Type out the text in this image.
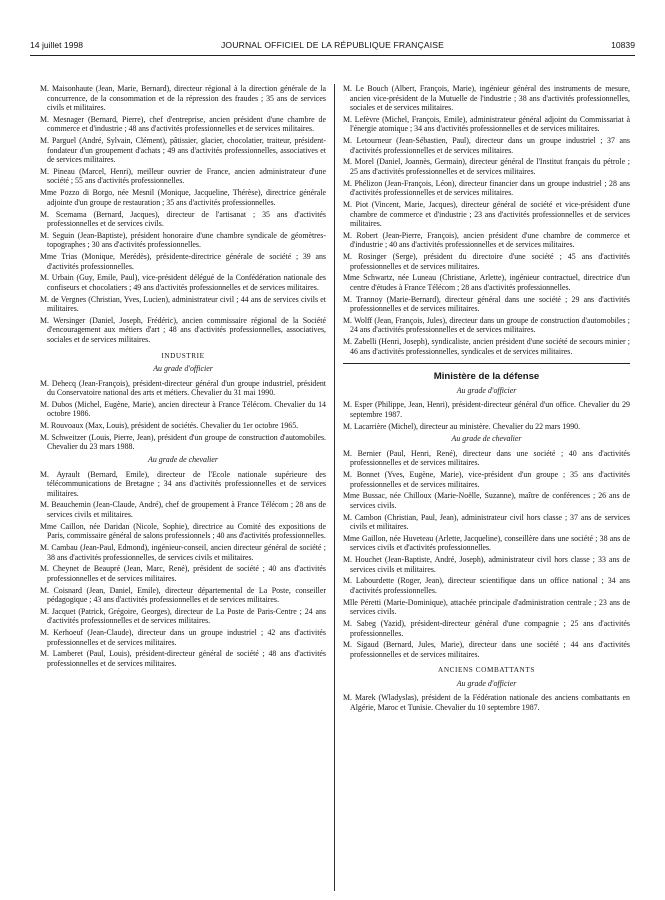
14 juillet 1998	JOURNAL OFFICIEL DE LA RÉPUBLIQUE FRANÇAISE	10839

M. Maisonhaute (Jean, Marie, Bernard), directeur régional à la direction générale de la concurrence, de la consommation et de la répression des fraudes ; 35 ans de services civils et militaires.

M. Mesnager (Bernard, Pierre), chef d'entreprise, ancien président d'une chambre de commerce et d'industrie ; 48 ans d'activités professionnelles et de services militaires.

M. Parguel (André, Sylvain, Clément), pâtissier, glacier, chocolatier, traiteur, président-fondateur d'un groupement d'achats ; 49 ans d'activités professionnelles, associatives et de services militaires.

M. Pineau (Marcel, Henri), meilleur ouvrier de France, ancien administrateur d'une société ; 55 ans d'activités professionnelles.

Mme Pozzo di Borgo, née Mesnil (Monique, Jacqueline, Thérèse), directrice générale adjointe d'un groupe de restauration ; 35 ans d'activités professionnelles.

M. Scemama (Bernard, Jacques), directeur de l'artisanat ; 35 ans d'activités professionnelles et de services civils.

M. Seguin (Jean-Baptiste), président honoraire d'une chambre syndicale de géomètres-topographes ; 30 ans d'activités professionnelles.

Mme Trias (Monique, Merédès), présidente-directrice générale de société ; 39 ans d'activités professionnelles.

M. Urbain (Guy, Emile, Paul), vice-président délégué de la Confédération nationale des confiseurs et chocolatiers ; 49 ans d'activités professionnelles et de services militaires.

M. de Vergnes (Christian, Yves, Lucien), administrateur civil ; 44 ans de services civils et militaires.

M. Wersinger (Daniel, Joseph, Frédéric), ancien commissaire régional de la Société d'encouragement aux métiers d'art ; 48 ans d'activités professionnelles, associatives, sociales et de services militaires.

INDUSTRIE
Au grade d'officier

M. Dehecq (Jean-François), président-directeur général d'un groupe industriel, président du Conservatoire national des arts et métiers. Chevalier du 31 mai 1990.

M. Dubos (Michel, Eugène, Marie), ancien directeur à France Télécom. Chevalier du 14 octobre 1986.

M. Rouvoaux (Max, Louis), président de sociétés. Chevalier du 1er octobre 1965.

M. Schweitzer (Louis, Pierre, Jean), président d'un groupe de construction d'automobiles. Chevalier du 23 mars 1988.

Au grade de chevalier

M. Ayrault (Bernard, Emile), directeur de l'Ecole nationale supérieure des télécommunications de Bretagne ; 34 ans d'activités professionnelles et de services militaires.

M. Beauchemin (Jean-Claude, André), chef de groupement à France Télécom ; 28 ans de services civils et militaires.

Mme Caillon, née Daridan (Nicole, Sophie), directrice au Comité des expositions de Paris, commissaire général de salons professionnels ; 40 ans d'activités professionnelles.

M. Cambau (Jean-Paul, Edmond), ingénieur-conseil, ancien directeur général de société ; 38 ans d'activités professionnelles, de services civils et militaires.

M. Cheynet de Beaupré (Jean, Marc, René), président de société ; 40 ans d'activités professionnelles et de services militaires.

M. Coisnard (Jean, Daniel, Emile), directeur départemental de La Poste, conseiller pédagogique ; 43 ans d'activités professionnelles et de services militaires.

M. Jacquet (Patrick, Grégoire, Georges), directeur de La Poste de Paris-Centre ; 24 ans d'activités professionnelles et de services militaires.

M. Kerhoeuf (Jean-Claude), directeur dans un groupe industriel ; 42 ans d'activités professionnelles et de services militaires.

M. Lamberet (Paul, Louis), président-directeur général de société ; 48 ans d'activités professionnelles et de services militaires.

M. Le Bouch (Albert, François, Marie), ingénieur général des instruments de mesure, ancien vice-président de la Mutuelle de l'industrie ; 38 ans d'activités professionnelles, sociales et de services militaires.

M. Lefèvre (Michel, François, Emile), administrateur général adjoint du Commissariat à l'énergie atomique ; 34 ans d'activités professionnelles et de services militaires.

M. Letourneur (Jean-Sébastien, Paul), directeur dans un groupe industriel ; 37 ans d'activités professionnelles et de services militaires.

M. Morel (Daniel, Joannès, Germain), directeur général de l'Institut français du pétrole ; 25 ans d'activités professionnelles et de services militaires.

M. Phélizon (Jean-François, Léon), directeur financier dans un groupe industriel ; 28 ans d'activités professionnelles et de services militaires.

M. Piot (Vincent, Marie, Jacques), directeur général de société et vice-président d'une chambre de commerce et d'industrie ; 23 ans d'activités professionnelles et de services militaires.

M. Robert (Jean-Pierre, François), ancien président d'une chambre de commerce et d'industrie ; 40 ans d'activités professionnelles et de services militaires.

M. Rosinger (Serge), président du directoire d'une société ; 45 ans d'activités professionnelles et de services militaires.

Mme Schwartz, née Luneau (Christiane, Arlette), ingénieur contractuel, directrice d'un centre d'études à France Télécom ; 28 ans d'activités professionnelles.

M. Trannoy (Marie-Bernard), directeur général dans une société ; 29 ans d'activités professionnelles et de services militaires.

M. Wolff (Jean, François, Jules), directeur dans un groupe de construction d'automobiles ; 24 ans d'activités professionnelles et de services militaires.

M. Zabelli (Henri, Joseph), syndicaliste, ancien président d'une société de secours minier ; 46 ans d'activités professionnelles, syndicales et de services militaires.

Ministère de la défense
Au grade d'officier

M. Esper (Philippe, Jean, Henri), président-directeur général d'un office. Chevalier du 29 septembre 1987.

M. Lacarrière (Michel), directeur au ministère. Chevalier du 22 mars 1990.

Au grade de chevalier

M. Bernier (Paul, Henri, René), directeur dans une société ; 40 ans d'activités professionnelles et de services militaires.

M. Bonnet (Yves, Eugène, Marie), vice-président d'un groupe ; 35 ans d'activités professionnelles et de services militaires.

Mme Bussac, née Chilloux (Marie-Noëlle, Suzanne), maître de conférences ; 26 ans de services civils.

M. Cambon (Christian, Paul, Jean), administrateur civil hors classe ; 37 ans de services civils et militaires.

Mme Gaillon, née Huveteau (Arlette, Jacqueline), conseillère dans une société ; 38 ans de services civils et d'activités professionnelles.

M. Houchet (Jean-Baptiste, André, Joseph), administrateur civil hors classe ; 33 ans de services civils et militaires.

M. Labourdette (Roger, Jean), directeur scientifique dans un office national ; 34 ans d'activités professionnelles.

Mlle Péretti (Marie-Dominique), attachée principale d'administration centrale ; 23 ans de services civils.

M. Sabeg (Yazid), président-directeur général d'une compagnie ; 25 ans d'activités professionnelles.

M. Sigaud (Bernard, Jules, Marie), directeur dans une société ; 44 ans d'activités professionnelles et de services militaires.

ANCIENS COMBATTANTS
Au grade d'officier

M. Marek (Wladyslas), président de la Fédération nationale des anciens combattants en Algérie, Maroc et Tunisie. Chevalier du 10 septembre 1987.
